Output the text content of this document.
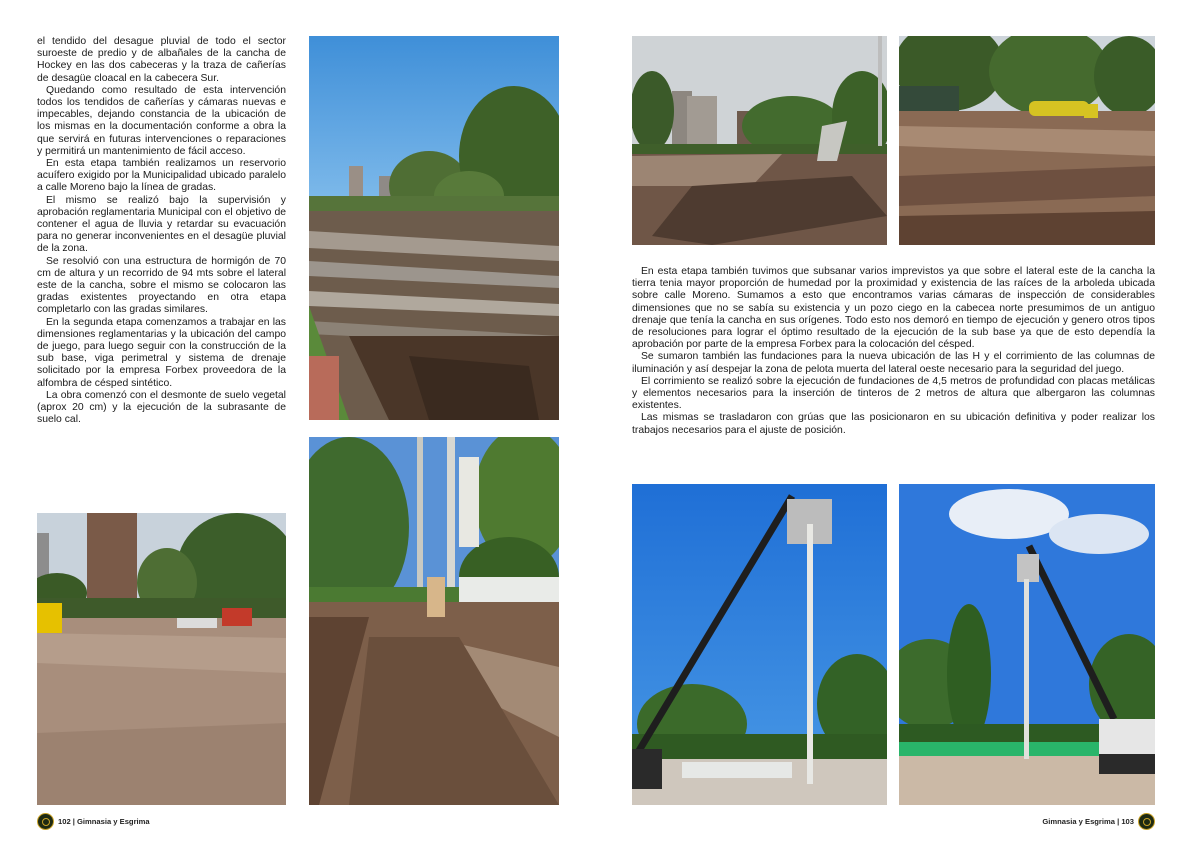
el tendido del desague pluvial de todo el sector suroeste de predio y de albañales de la cancha de Hockey en las dos cabeceras y la traza de cañerías de desagüe cloacal en la cabecera Sur.

Quedando como resultado de esta intervención todos los tendidos de cañerías y cámaras nuevas e impecables, dejando constancia de la ubicación de los mismas en la documentación conforme a obra la que servirá en futuras intervenciones o reparaciones y permitirá un mantenimiento de fácil acceso.

En esta etapa también realizamos un reservorio acuífero exigido por la Municipalidad ubicado paralelo a calle Moreno bajo la línea de gradas.

El mismo se realizó bajo la supervisión y aprobación reglamentaria Municipal con el objetivo de contener el agua de lluvia y retardar su evacuación para no generar inconvenientes en el desagüe pluvial de la zona.

Se resolvió con una estructura de hormigón de 70 cm de altura y un recorrido de 94 mts sobre el lateral este de la cancha, sobre el mismo se colocaron las gradas existentes proyectando en otra etapa completarlo con las gradas similares.

En la segunda etapa comenzamos a trabajar en las dimensiones reglamentarias y la ubicación del campo de juego, para luego seguir con la construcción de la sub base, viga perimetral y sistema de drenaje solicitado por la empresa Forbex proveedora de la alfombra de césped sintético.

La obra comenzó con el desmonte de suelo vegetal (aprox 20 cm) y la ejecución de la subrasante de suelo cal.

En esta etapa también tuvimos que subsanar varios imprevistos ya que sobre el lateral este de la cancha la tierra tenia mayor proporción de humedad por la proximidad y existencia de las raíces de la arboleda ubicada sobre calle Moreno. Sumamos a esto que encontramos varias cámaras de inspección de considerables dimensiones que no se sabía su existencia y un pozo ciego en la cabecea norte presumimos de un antiguo drenaje que tenía la cancha en sus orígenes. Todo esto nos demoró en tiempo de ejecución y genero otros tipos de resoluciones para lograr el óptimo resultado de la ejecución de la sub base ya que de esto dependía la aprobación por parte de la empresa Forbex para la colocación del césped.

Se sumaron también las fundaciones para la nueva ubicación de las H y el corrimiento de las columnas de iluminación y así despejar la zona de pelota muerta del lateral oeste necesario para la seguridad del juego.

El corrimiento se realizó sobre la ejecución de fundaciones de 4,5 metros de profundidad con placas metálicas y elementos necesarios para la inserción de tinteros de 2 metros de altura que albergaron las columnas existentes.

Las mismas se trasladaron con grúas que las posicionaron en su ubicación definitiva y poder realizar los trabajos necesarios para el ajuste de posición.

102 | Gimnasia y Esgrima	Gimnasia y Esgrima | 103
